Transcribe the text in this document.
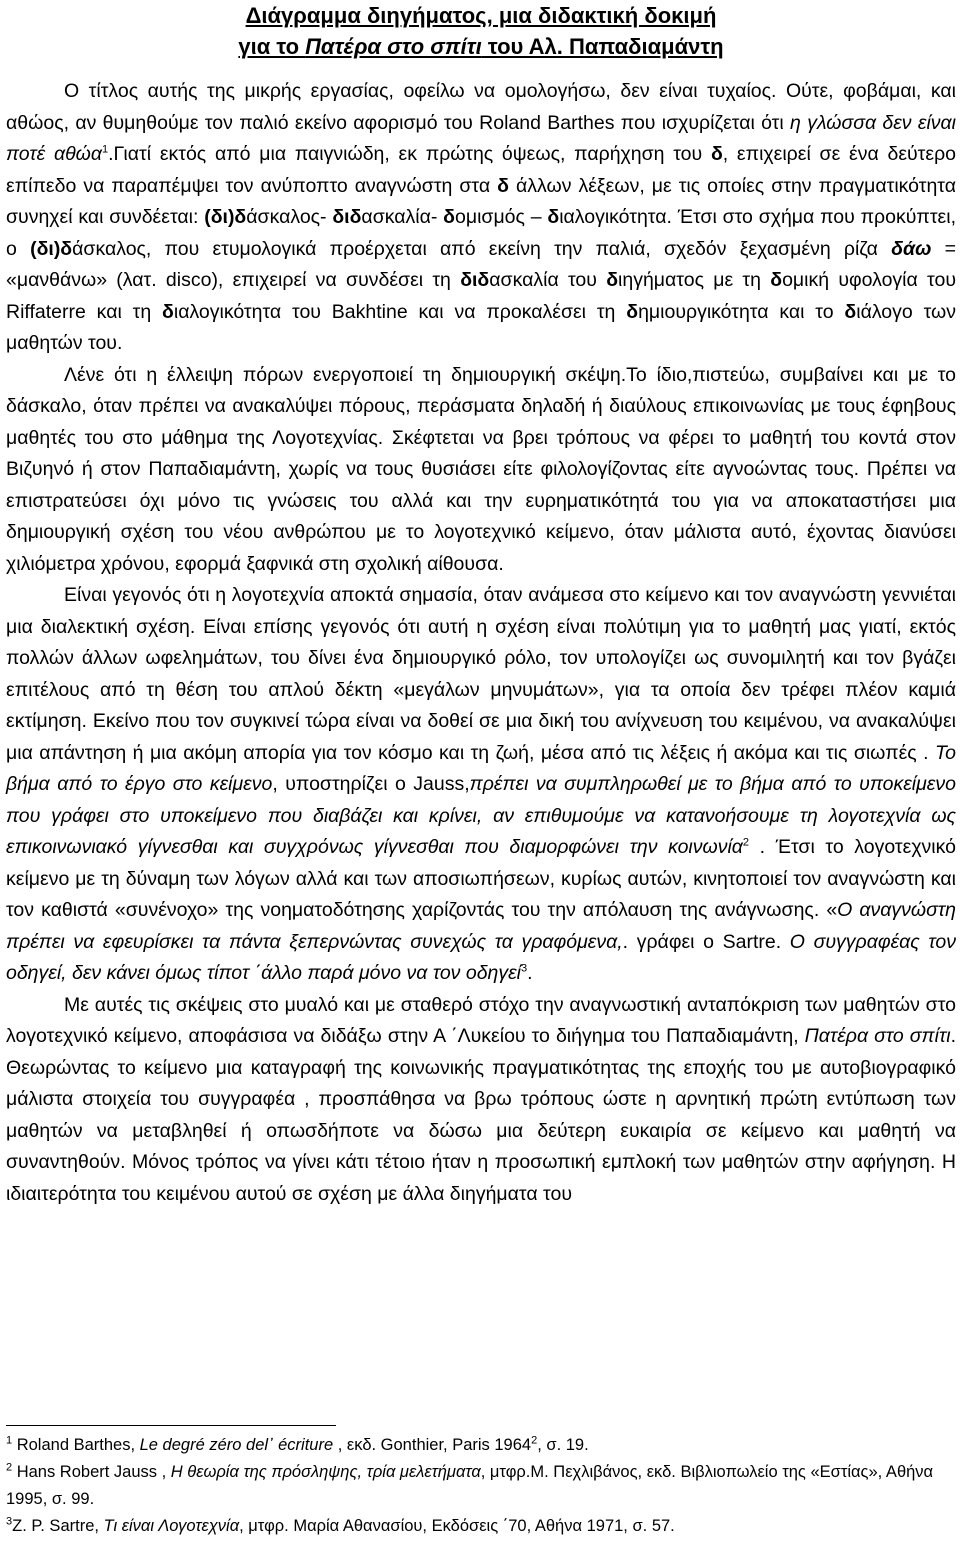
Διάγραμμα διηγήματος, μια διδακτική δοκιμή
για το Πατέρα στο σπίτι του Αλ. Παπαδιαμάντη

Ο τίτλος αυτής της μικρής εργασίας, οφείλω να ομολογήσω, δεν είναι τυχαίος. Ούτε, φοβάμαι, και αθώος, αν θυμηθούμε τον παλιό εκείνο αφορισμό του Roland Barthes που ισχυρίζεται ότι η γλώσσα δεν είναι ποτέ αθώα$^1$.Γιατί εκτός από μια παιγνιώδη, εκ πρώτης όψεως, παρήχηση του δ, επιχειρεί σε ένα δεύτερο επίπεδο να παραπέμψει τον ανύποπτο αναγνώστη στα δ άλλων λέξεων, με τις οποίες στην πραγματικότητα συνηχεί και συνδέεται: (δι)δάσκαλος- διδασκαλία- δομισμός – διαλογικότητα. Έτσι στο σχήμα που προκύπτει, ο (δι)δάσκαλος, που ετυμολογικά προέρχεται από εκείνη την παλιά, σχεδόν ξεχασμένη ρίζα δάω = «μανθάνω» (λατ. disco), επιχειρεί να συνδέσει τη διδασκαλία του διηγήματος με τη δομική υφολογία του Riffaterre και τη διαλογικότητα του Bakhtine και να προκαλέσει τη δημιουργικότητα και το διάλογο των μαθητών του.

Λένε ότι η έλλειψη πόρων ενεργοποιεί τη δημιουργική σκέψη.Το ίδιο,πιστεύω, συμβαίνει και με το δάσκαλο, όταν πρέπει να ανακαλύψει πόρους, περάσματα δηλαδή ή διαύλους επικοινωνίας με τους έφηβους μαθητές του στο μάθημα της Λογοτεχνίας. Σκέφτεται να βρει τρόπους να φέρει το μαθητή του κοντά στον Βιζυηνό ή στον Παπαδιαμάντη, χωρίς να τους θυσιάσει είτε φιλολογίζοντας είτε αγνοώντας τους. Πρέπει να επιστρατεύσει όχι μόνο τις γνώσεις του αλλά και την ευρηματικότητά του για να αποκαταστήσει μια δημιουργική σχέση του νέου ανθρώπου με το λογοτεχνικό κείμενο, όταν μάλιστα αυτό, έχοντας διανύσει χιλιόμετρα χρόνου, εφορμά ξαφνικά στη σχολική αίθουσα.

Είναι γεγονός ότι η λογοτεχνία αποκτά σημασία, όταν ανάμεσα στο κείμενο και τον αναγνώστη γεννιέται μια διαλεκτική σχέση. Είναι επίσης γεγονός ότι αυτή η σχέση είναι πολύτιμη για το μαθητή μας γιατί, εκτός πολλών άλλων ωφελημάτων, του δίνει ένα δημιουργικό ρόλο, τον υπολογίζει ως συνομιλητή και τον βγάζει επιτέλους από τη θέση του απλού δέκτη «μεγάλων μηνυμάτων», για τα οποία δεν τρέφει πλέον καμιά εκτίμηση. Εκείνο που τον συγκινεί τώρα είναι να δοθεί σε μια δική του ανίχνευση του κειμένου, να ανακαλύψει μια απάντηση ή μια ακόμη απορία για τον κόσμο και τη ζωή, μέσα από τις λέξεις ή ακόμα και τις σιωπές . Το βήμα από το έργο στο κείμενο, υποστηρίζει ο Jauss,πρέπει να συμπληρωθεί με το βήμα από το υποκείμενο που γράφει στο υποκείμενο που διαβάζει και κρίνει, αν επιθυμούμε να κατανοήσουμε τη λογοτεχνία ως επικοινωνιακό γίγνεσθαι και συγχρόνως γίγνεσθαι που διαμορφώνει την κοινωνία$^2$ . Έτσι το λογοτεχνικό κείμενο με τη δύναμη των λόγων αλλά και των αποσιωπήσεων, κυρίως αυτών, κινητοποιεί τον αναγνώστη και τον καθιστά «συνένοχο» της νοηματοδότησης χαρίζοντάς του την απόλαυση της ανάγνωσης. «Ο αναγνώστη πρέπει να εφευρίσκει τα πάντα ξεπερνώντας συνεχώς τα γραφόμενα,. γράφει ο Sartre. Ο συγγραφέας τον οδηγεί, δεν κάνει όμως τίποτ ΄άλλο παρά μόνο να τον οδηγεί$^3$.

Με αυτές τις σκέψεις στο μυαλό και με σταθερό στόχο την αναγνωστική ανταπόκριση των μαθητών στο λογοτεχνικό κείμενο, αποφάσισα να διδάξω στην Α ΄Λυκείου το διήγημα του Παπαδιαμάντη, Πατέρα στο σπίτι. Θεωρώντας το κείμενο μια καταγραφή της κοινωνικής πραγματικότητας της εποχής του με αυτοβιογραφικό μάλιστα στοιχεία του συγγραφέα , προσπάθησα να βρω τρόπους ώστε η αρνητική πρώτη εντύπωση των μαθητών να μεταβληθεί ή οπωσδήποτε να δώσω μια δεύτερη ευκαιρία σε κείμενο και μαθητή να συναντηθούν. Μόνος τρόπος να γίνει κάτι τέτοιο ήταν η προσωπική εμπλοκή των μαθητών στην αφήγηση. Η ιδιαιτερότητα του κειμένου αυτού σε σχέση με άλλα διηγήματα του

$^1$ Roland Barthes, Le degré zéro del᾽ écriture , εκδ. Gonthier, Paris 1964$^2$, σ. 19.

$^2$ Hans Robert Jauss , Η θεωρία της πρόσληψης, τρία μελετήματα, μτφρ.Μ. Πεχλιβάνος, εκδ. Βιβλιοπωλείο της «Εστίας», Αθήνα 1995, σ. 99.

$^3$Ζ. Ρ. Sartre, Τι είναι Λογοτεχνία, μτφρ. Μαρία Αθανασίου, Εκδόσεις ΄70, Αθήνα 1971, σ. 57.
